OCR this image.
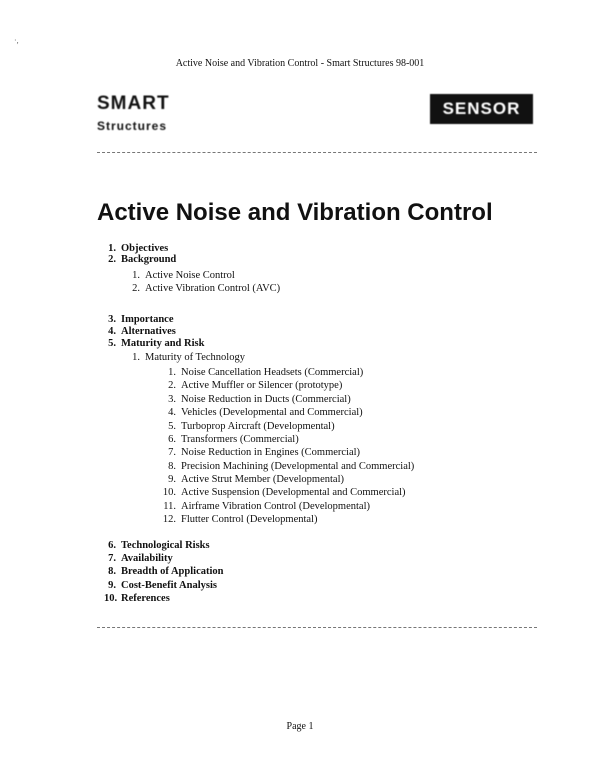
·,
Active Noise and Vibration Control - Smart Structures 98-001
SMART
Structures
SENSOR
Active Noise and Vibration Control
1. Objectives
2. Background
1. Active Noise Control
2. Active Vibration Control (AVC)
3. Importance
4. Alternatives
5. Maturity and Risk
1. Maturity of Technology
1. Noise Cancellation Headsets (Commercial)
2. Active Muffler or Silencer (prototype)
3. Noise Reduction in Ducts (Commercial)
4. Vehicles (Developmental and Commercial)
5. Turboprop Aircraft (Developmental)
6. Transformers (Commercial)
7. Noise Reduction in Engines (Commercial)
8. Precision Machining (Developmental and Commercial)
9. Active Strut Member (Developmental)
10. Active Suspension (Developmental and Commercial)
11. Airframe Vibration Control (Developmental)
12. Flutter Control (Developmental)
6. Technological Risks
7. Availability
8. Breadth of Application
9. Cost-Benefit Analysis
10. References
Page 1
